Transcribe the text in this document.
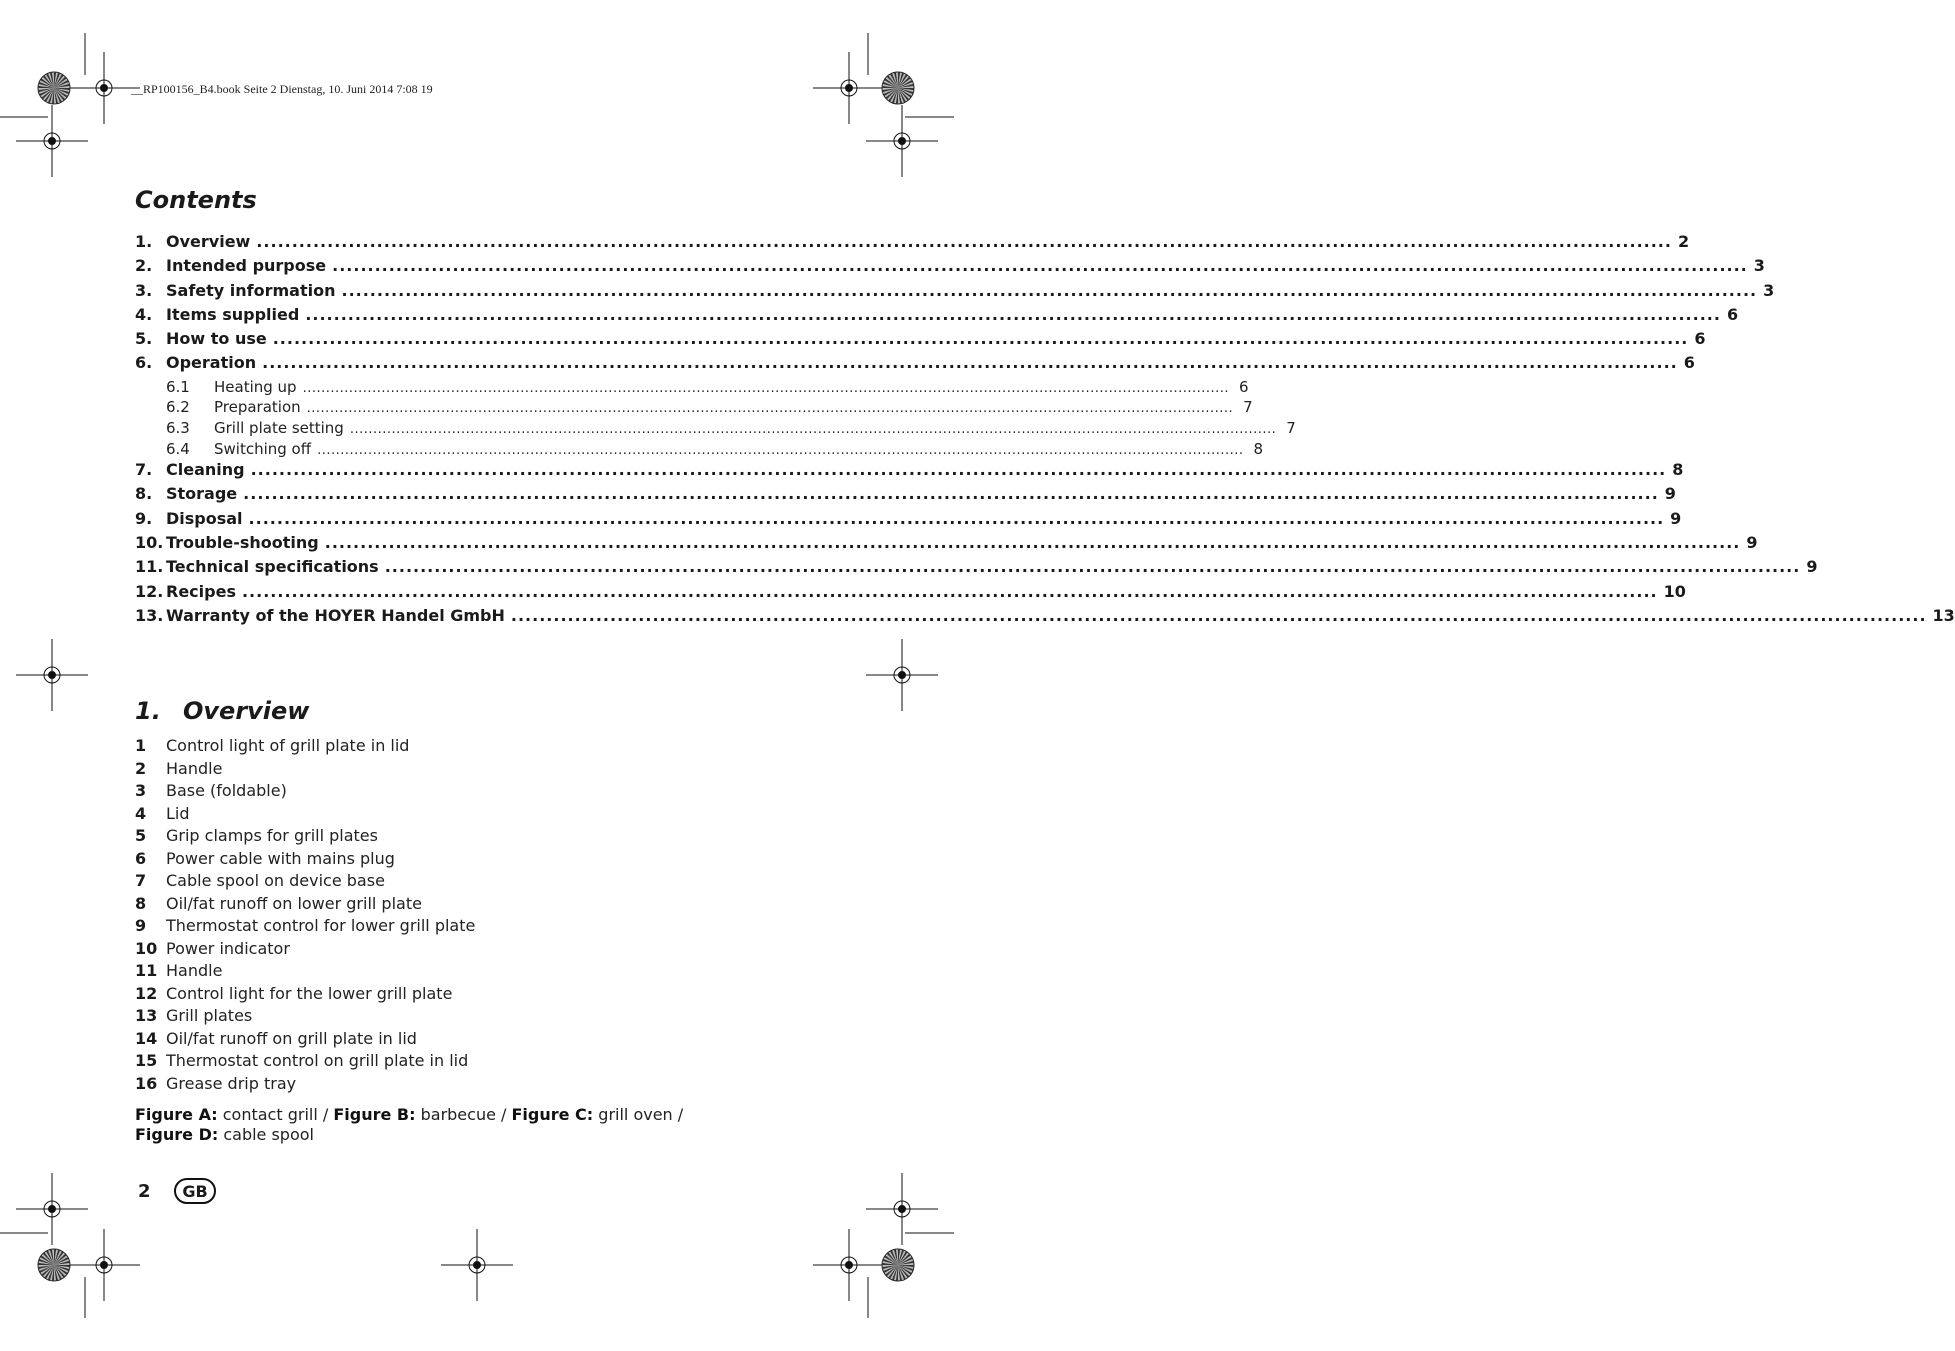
__RP100156_B4.book Seite 2 Dienstag, 10. Juni 2014 7:08 19
Contents
1. Overview ........................................................................................................................................................................................................ 2
2. Intended purpose ........................................................................................................................................................................................................ 3
3. Safety information ........................................................................................................................................................................................................ 3
4. Items supplied ........................................................................................................................................................................................................ 6
5. How to use ........................................................................................................................................................................................................ 6
6. Operation ........................................................................................................................................................................................................ 6
6.1	Heating up ........................................................................................................................................................................................................ 6
6.2	Preparation ........................................................................................................................................................................................................ 7
6.3	Grill plate setting ........................................................................................................................................................................................................ 7
6.4	Switching off ........................................................................................................................................................................................................ 8
7. Cleaning ........................................................................................................................................................................................................ 8
8. Storage ........................................................................................................................................................................................................ 9
9. Disposal ........................................................................................................................................................................................................ 9
10. Trouble-shooting ........................................................................................................................................................................................................ 9
11. Technical specifications ........................................................................................................................................................................................................ 9
12. Recipes ........................................................................................................................................................................................................ 10
13. Warranty of the HOYER Handel GmbH ........................................................................................................................................................................................................ 13
1. Overview
1	Control light of grill plate in lid
2	Handle
3	Base (foldable)
4	Lid
5	Grip clamps for grill plates
6	Power cable with mains plug
7	Cable spool on device base
8	Oil/fat runoff on lower grill plate
9	Thermostat control for lower grill plate
10 Power indicator
11 Handle
12 Control light for the lower grill plate
13 Grill plates
14 Oil/fat runoff on grill plate in lid
15 Thermostat control on grill plate in lid
16 Grease drip tray
Figure A: contact grill / Figure B: barbecue / Figure C: grill oven /
Figure D: cable spool
2	GB
